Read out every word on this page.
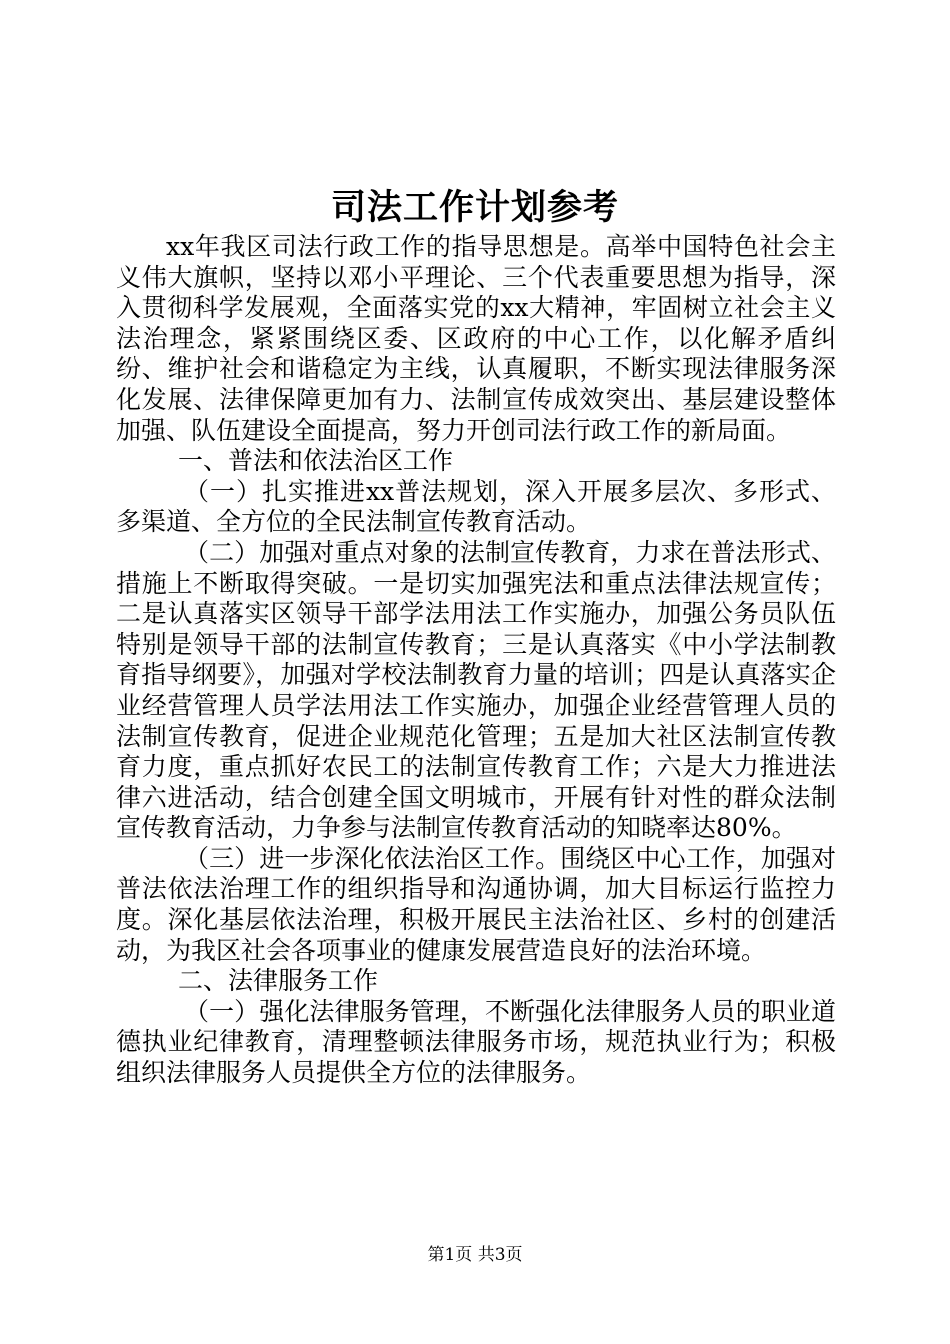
司法工作计划参考

xx年我区司法行政工作的指导思想是。高举中国特色社会主义伟大旗帜，坚持以邓小平理论、三个代表重要思想为指导，深入贯彻科学发展观，全面落实党的xx大精神，牢固树立社会主义法治理念，紧紧围绕区委、区政府的中心工作，以化解矛盾纠纷、维护社会和谐稳定为主线，认真履职，不断实现法律服务深化发展、法律保障更加有力、法制宣传成效突出、基层建设整体加强、队伍建设全面提高，努力开创司法行政工作的新局面。

一、普法和依法治区工作

（一）扎实推进xx普法规划，深入开展多层次、多形式、多渠道、全方位的全民法制宣传教育活动。

（二）加强对重点对象的法制宣传教育，力求在普法形式、措施上不断取得突破。一是切实加强宪法和重点法律法规宣传；二是认真落实区领导干部学法用法工作实施办，加强公务员队伍特别是领导干部的法制宣传教育；三是认真落实《中小学法制教育指导纲要》，加强对学校法制教育力量的培训；四是认真落实企业经营管理人员学法用法工作实施办，加强企业经营管理人员的法制宣传教育，促进企业规范化管理；五是加大社区法制宣传教育力度，重点抓好农民工的法制宣传教育工作；六是大力推进法律六进活动，结合创建全国文明城市，开展有针对性的群众法制宣传教育活动，力争参与法制宣传教育活动的知晓率达80%。

（三）进一步深化依法治区工作。围绕区中心工作，加强对普法依法治理工作的组织指导和沟通协调，加大目标运行监控力度。深化基层依法治理，积极开展民主法治社区、乡村的创建活动，为我区社会各项事业的健康发展营造良好的法治环境。

二、法律服务工作

（一）强化法律服务管理，不断强化法律服务人员的职业道德执业纪律教育，清理整顿法律服务市场，规范执业行为；积极组织法律服务人员提供全方位的法律服务。

第1页 共3页
